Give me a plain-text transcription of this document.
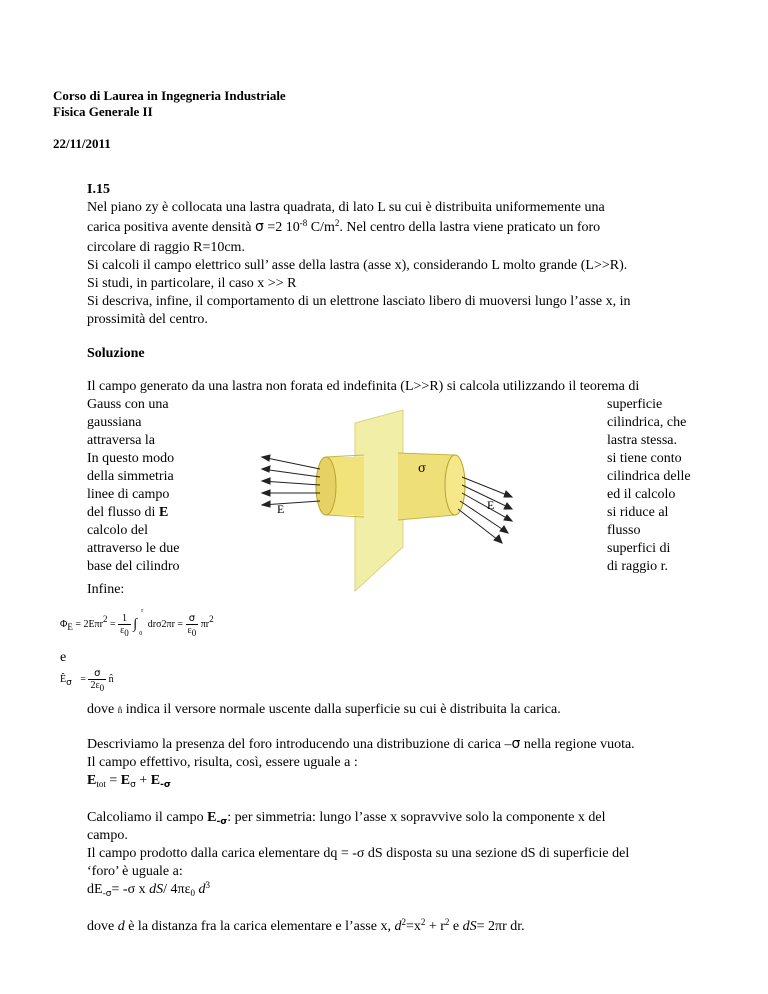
Corso di Laurea in Ingegneria Industriale
Fisica Generale II
22/11/2011
I.15
Nel piano zy è collocata una lastra quadrata, di lato L su cui è distribuita uniformemente una
carica positiva avente densità σ =2 $10^{-8}$ $C/m^2$. Nel centro della lastra viene praticato un foro
circolare di raggio R=10cm.
Si calcoli il campo elettrico sull’ asse della lastra (asse x), considerando L molto grande (L>>R).
Si studi, in particolare, il caso x >> R
Si descriva, infine, il comportamento di un elettrone lasciato libero di muoversi lungo l’asse x, in
prossimità del centro.
Soluzione
Il campo generato da una lastra non forata ed indefinita (L>>R) si calcola utilizzando il teorema di
Gauss con una
gaussiana
attraversa la
In questo modo
della simmetria
linee di campo
del flusso di E
calcolo del
attraverso le due
base del cilindro
superficie
cilindrica, che
lastra stessa.
si tiene conto
cilindrica delle
ed il calcolo
si riduce al
flusso
superfici di
di raggio r.
σ
E	E
Infine:
$\Phi_E = 2E\pi r^2 = \frac{1}{\varepsilon_0}$ ∫
r
0
$dr\sigma 2\pi r = \frac{\sigma}{\varepsilon_0} \pi r^2$
e
$Ê_\sigma = \frac{\sigma}{2\varepsilon_0}$ n̂
dove n̂ indica il versore normale uscente dalla superficie su cui è distribuita la carica.
Descriviamo la presenza del foro introducendo una distribuzione di carica –σ nella regione vuota.
Il campo effettivo, risulta, così, essere uguale a :
$E_{tot} = E_\sigma + E_{-\sigma}$
Calcoliamo il campo $E_{-\sigma}$: per simmetria: lungo l’asse x sopravvive solo la componente x del
campo.
Il campo prodotto dalla carica elementare dq = -σ dS disposta su una sezione dS di superficie del
‘foro’ è uguale a:
$dE_{-\sigma}= -\sigma$ x dS/ $4\pi\varepsilon_0$ $d^3$
dove d è la distanza fra la carica elementare e l’asse x, $d^2=x^2 + r^2$ e dS= 2πr dr.
